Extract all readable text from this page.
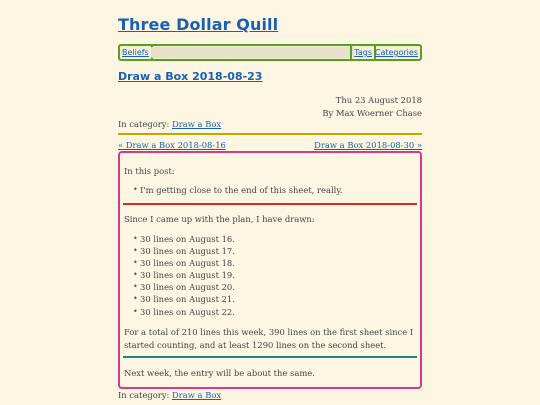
Three Dollar Quill
Beliefs	Tags Categories
Draw a Box 2018-08-23
Thu 23 August 2018
By Max Woerner Chase
In category: Draw a Box
« Draw a Box 2018-08-16	Draw a Box 2018-08-30 »

In this post:

• I'm getting close to the end of this sheet, really.

Since I came up with the plan, I have drawn:

• 30 lines on August 16.
• 30 lines on August 17.
• 30 lines on August 18.
• 30 lines on August 19.
• 30 lines on August 20.
• 30 lines on August 21.
• 30 lines on August 22.

For a total of 210 lines this week, 390 lines on the first sheet since I started counting, and at least 1290 lines on the second sheet.

Next week, the entry will be about the same.

In category: Draw a Box
